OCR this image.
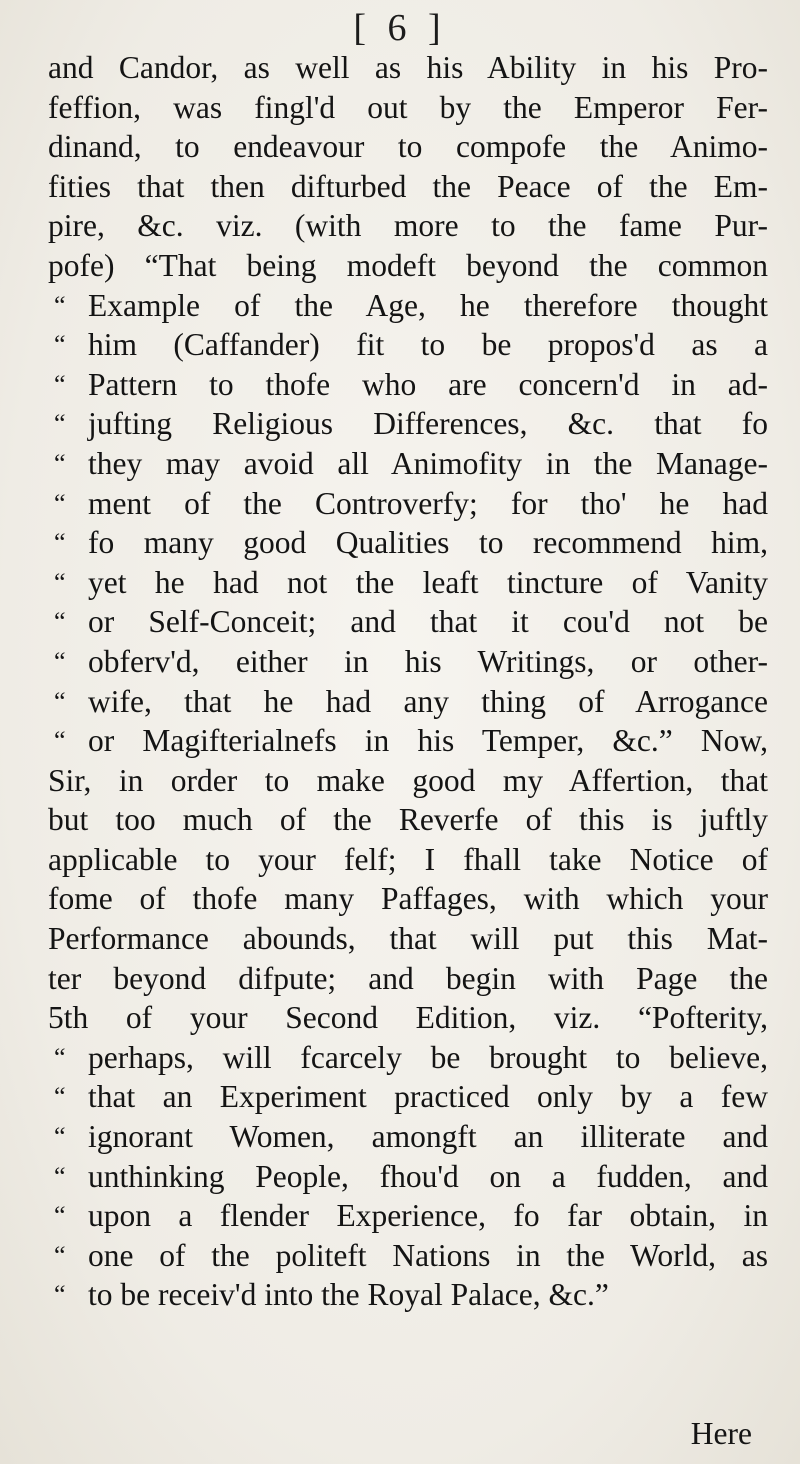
[ 6 ]
and Candor, as well as his Ability in his Pro-
feffion, was fingl'd out by the Emperor Fer-
dinand, to endeavour to compofe the Animo-
fities that then difturbed the Peace of the Em-
pire, &c. viz. (with more to the fame Pur-
pofe) “That being modeft beyond the common
“ Example of the Age, he therefore thought
“ him (Caffander) fit to be propos'd as a
“ Pattern to thofe who are concern'd in ad-
“ jufting Religious Differences, &c. that fo
“ they may avoid all Animofity in the Manage-
“ ment of the Controverfy; for tho' he had
“ fo many good Qualities to recommend him,
“ yet he had not the leaft tincture of Vanity
“ or Self-Conceit; and that it cou'd not be
“ obferv'd, either in his Writings, or other-
“ wife, that he had any thing of Arrogance
“ or Magifterialnefs in his Temper, &c.” Now,
Sir, in order to make good my Affertion, that
but too much of the Reverfe of this is juftly
applicable to your felf; I fhall take Notice of
fome of thofe many Paffages, with which your
Performance abounds, that will put this Mat-
ter beyond difpute; and begin with Page the
5th of your Second Edition, viz. “Pofterity,
“ perhaps, will fcarcely be brought to believe,
“ that an Experiment practiced only by a few
“ ignorant Women, amongft an illiterate and
“ unthinking People, fhou'd on a fudden, and
“ upon a flender Experience, fo far obtain, in
“ one of the politeft Nations in the World, as
“ to be receiv'd into the Royal Palace, &c.”
Here
